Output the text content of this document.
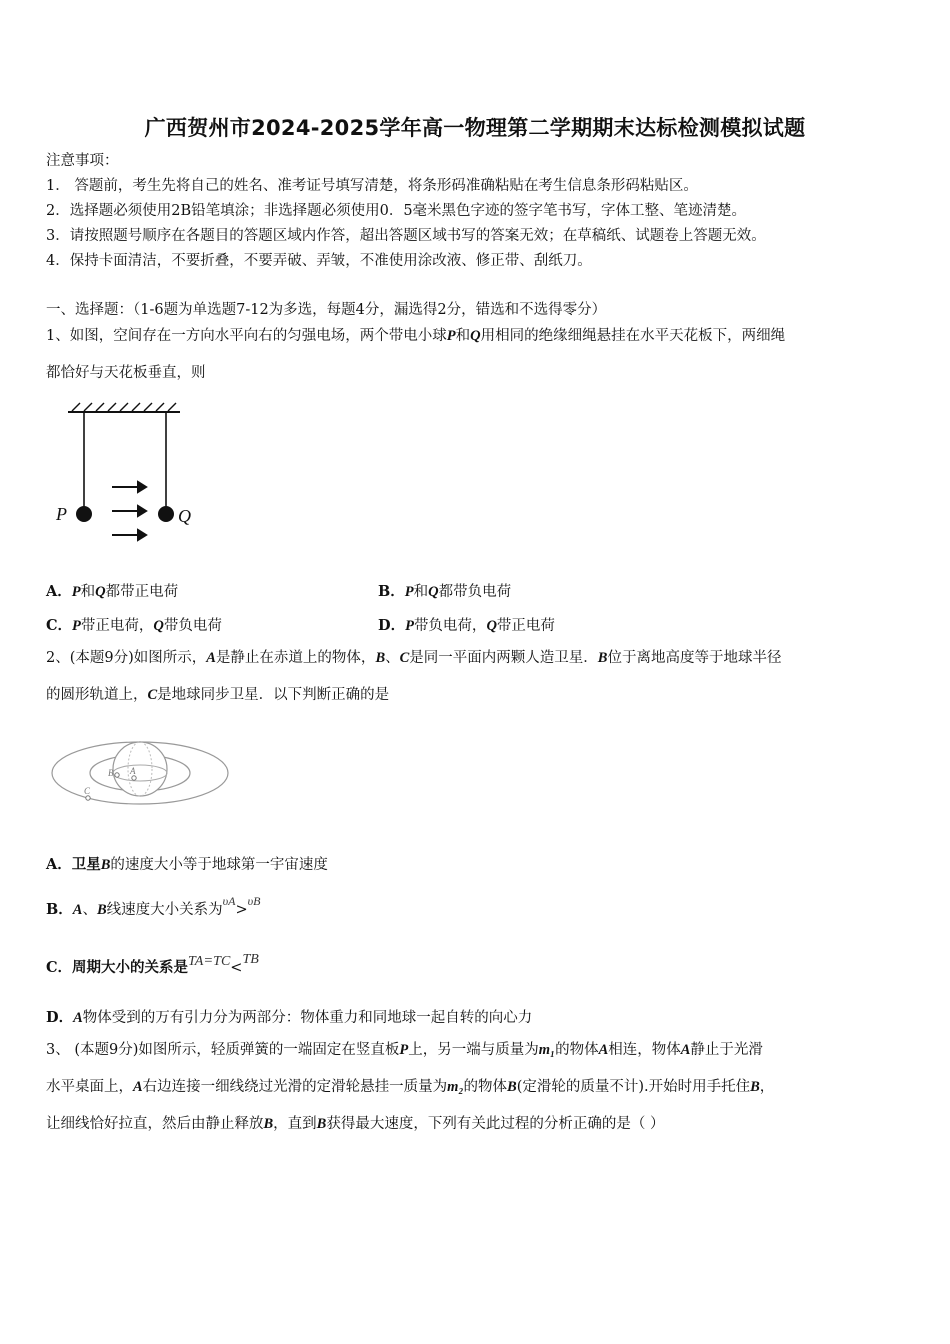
广西贺州市2024-2025学年高一物理第二学期期末达标检测模拟试题
注意事项：
1． 答题前，考生先将自己的姓名、准考证号填写清楚，将条形码准确粘贴在考生信息条形码粘贴区。
2．选择题必须使用2B铅笔填涂；非选择题必须使用0．5毫米黑色字迹的签字笔书写，字体工整、笔迹清楚。
3．请按照题号顺序在各题目的答题区域内作答，超出答题区域书写的答案无效；在草稿纸、试题卷上答题无效。
4．保持卡面清洁，不要折叠，不要弄破、弄皱，不准使用涂改液、修正带、刮纸刀。
一、选择题：（1-6题为单选题7-12为多选，每题4分，漏选得2分，错选和不选得零分）
1、如图，空间存在一方向水平向右的匀强电场，两个带电小球P和Q用相同的绝缘细绳悬挂在水平天花板下，两细绳
都恰好与天花板垂直，则
P	Q
A．P和Q都带正电荷	B．P和Q都带负电荷
C．P带正电荷，Q带负电荷	D．P带负电荷，Q带正电荷
2、(本题9分)如图所示，A是静止在赤道上的物体，B、C是同一平面内两颗人造卫星．B位于离地高度等于地球半径
的圆形轨道上，C是地球同步卫星．以下判断正确的是
A
B
C
A．卫星B的速度大小等于地球第一宇宙速度
B．A、B线速度大小关系为$^{\upsilon A}$>$^{\upsilon B}$
C．周期大小的关系是TA=TC<TB
D．A物体受到的万有引力分为两部分：物体重力和同地球一起自转的向心力
3、 (本题9分)如图所示，轻质弹簧的一端固定在竖直板P上，另一端与质量为m₁的物体A相连，物体A静止于光滑
水平桌面上，A右边连接一细线绕过光滑的定滑轮悬挂一质量为m₂的物体B(定滑轮的质量不计).开始时用手托住B，
让细线恰好拉直，然后由静止释放B，直到B获得最大速度，下列有关此过程的分析正确的是（ ）
